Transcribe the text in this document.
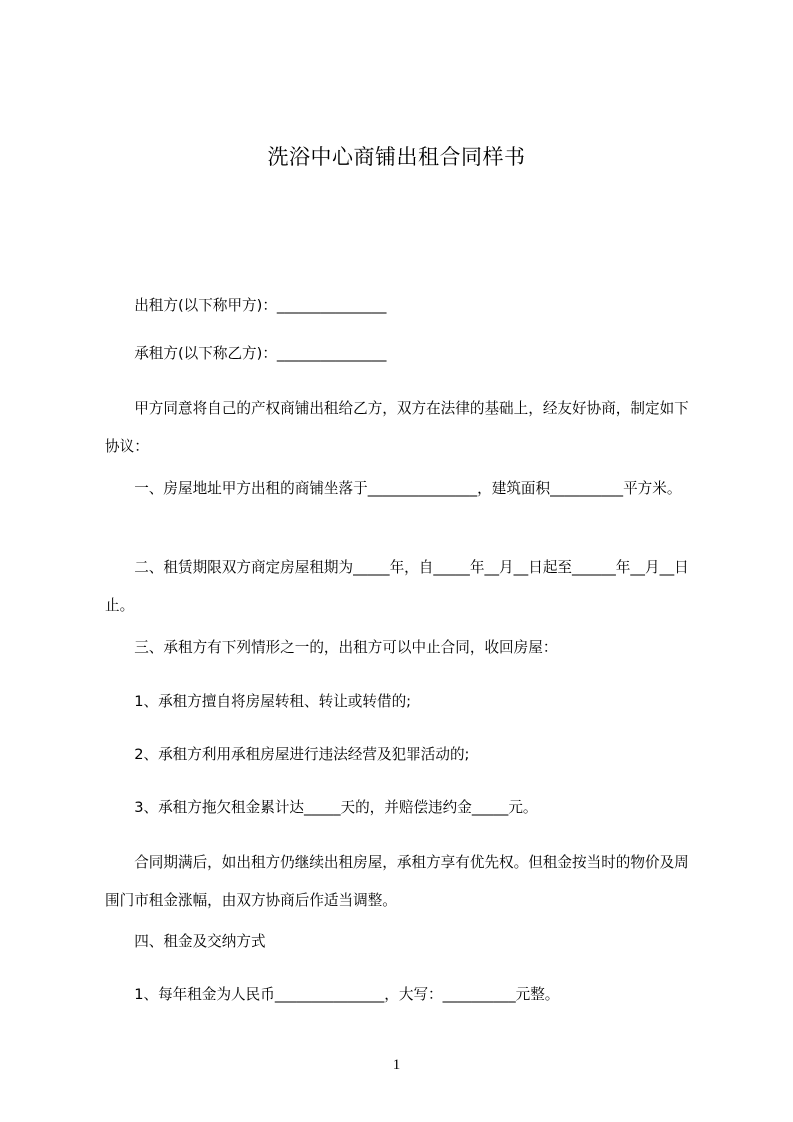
洗浴中心商铺出租合同样书
　　出租方(以下称甲方)：_______________
　　承租方(以下称乙方)：_______________
　　甲方同意将自己的产权商铺出租给乙方，双方在法律的基础上，经友好协商，制定如下协议：
　　一、房屋地址甲方出租的商铺坐落于_______________，建筑面积__________平方米。
　　二、租赁期限双方商定房屋租期为_____年，自_____年__月__日起至______年__月__日止。
　　三、承租方有下列情形之一的，出租方可以中止合同，收回房屋：
　　1、承租方擅自将房屋转租、转让或转借的;
　　2、承租方利用承租房屋进行违法经营及犯罪活动的;
　　3、承租方拖欠租金累计达_____天的，并赔偿违约金_____元。
　　合同期满后，如出租方仍继续出租房屋，承租方享有优先权。但租金按当时的物价及周围门市租金涨幅，由双方协商后作适当调整。
　　四、租金及交纳方式
　　1、每年租金为人民币_______________，大写：__________元整。
1
